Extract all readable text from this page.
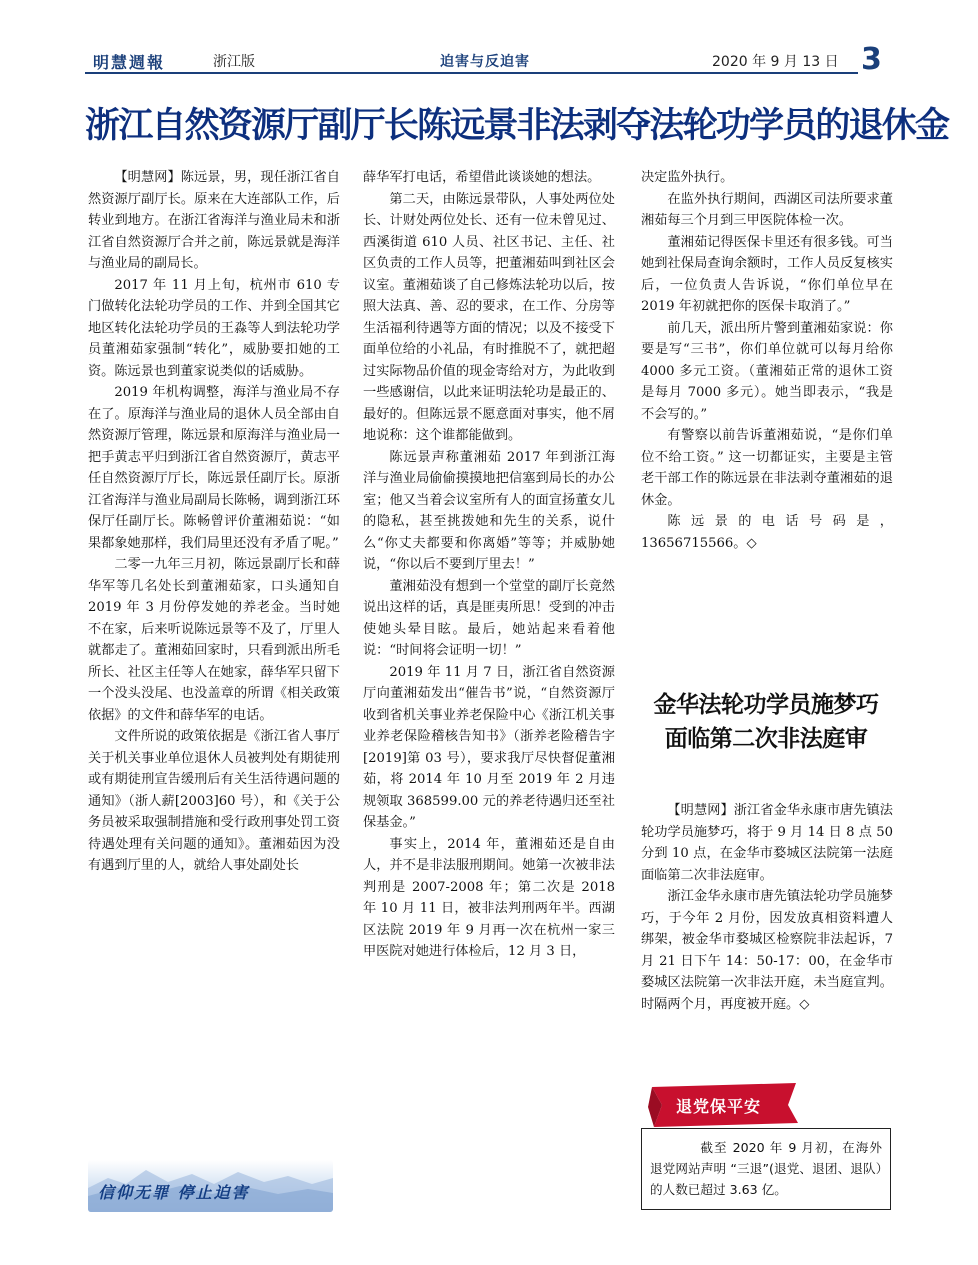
明慧週報	浙江版	迫害与反迫害	2020 年 9 月 13 日 3
浙江自然资源厅副厅长陈远景非法剥夺法轮功学员的退休金

【明慧网】陈远景，男，现任浙江省自然资源厅副厅长。原来在大连部队工作，后转业到地方。在浙江省海洋与渔业局未和浙江省自然资源厅合并之前，陈远景就是海洋与渔业局的副局长。

2017 年 11 月上旬，杭州市 610 专门做转化法轮功学员的工作、并到全国其它地区转化法轮功学员的王淼等人到法轮功学员董湘茹家强制“转化”，威胁要扣她的工资。陈远景也到董家说类似的话威胁。

2019 年机构调整，海洋与渔业局不存在了。原海洋与渔业局的退休人员全部由自然资源厅管理，陈远景和原海洋与渔业局一把手黄志平归到浙江省自然资源厅，黄志平任自然资源厅厅长，陈远景任副厅长。原浙江省海洋与渔业局副局长陈畅，调到浙江环保厅任副厅长。陈畅曾评价董湘茹说：“如果都象她那样，我们局里还没有矛盾了呢。”

二零一九年三月初，陈远景副厅长和薛华军等几名处长到董湘茹家，口头通知自 2019 年 3 月份停发她的养老金。当时她不在家，后来听说陈远景等不及了，厅里人就都走了。董湘茹回家时，只看到派出所毛所长、社区主任等人在她家，薛华军只留下一个没头没尾、也没盖章的所谓《相关政策依据》的文件和薛华军的电话。

文件所说的政策依据是《浙江省人事厅关于机关事业单位退休人员被判处有期徒刑或有期徒刑宣告缓刑后有关生活待遇问题的通知》（浙人薪[2003]60 号），和《关于公务员被采取强制措施和受行政刑事处罚工资待遇处理有关问题的通知》。董湘茹因为没有遇到厅里的人，就给人事处副处长

薛华军打电话，希望借此谈谈她的想法。

第二天，由陈远景带队，人事处两位处长、计财处两位处长、还有一位未曾见过、西溪街道 610 人员、社区书记、主任、社区负责的工作人员等，把董湘茹叫到社区会议室。董湘茹谈了自己修炼法轮功以后，按照大法真、善、忍的要求，在工作、分房等生活福利待遇等方面的情况；以及不接受下面单位给的小礼品，有时推脱不了，就把超过实际物品价值的现金寄给对方，为此收到一些感谢信，以此来证明法轮功是最正的、最好的。但陈远景不愿意面对事实，他不屑地说称：这个谁都能做到。

陈远景声称董湘茹 2017 年到浙江海洋与渔业局偷偷摸摸地把信塞到局长的办公室；他又当着会议室所有人的面宣扬董女儿的隐私，甚至挑拨她和先生的关系，说什么“你丈夫都要和你离婚”等等；并威胁她说，“你以后不要到厅里去！”

董湘茹没有想到一个堂堂的副厅长竟然说出这样的话，真是匪夷所思！受到的冲击使她头晕目眩。最后，她站起来看着他说：“时间将会证明一切！”

2019 年 11 月 7 日，浙江省自然资源厅向董湘茹发出“催告书”说，“自然资源厅收到省机关事业养老保险中心《浙江机关事业养老保险稽核告知书》（浙养老险稽告字[2019]第 03 号），要求我厅尽快督促董湘茹，将 2014 年 10 月至 2019 年 2 月违规领取 368599.00 元的养老待遇归还至社保基金。”

事实上，2014 年，董湘茹还是自由人，并不是非法服刑期间。她第一次被非法判刑是 2007-2008 年；第二次是 2018 年 10 月 11 日，被非法判刑两年半。西湖区法院 2019 年 9 月再一次在杭州一家三甲医院对她进行体检后，12 月 3 日，

决定监外执行。

在监外执行期间，西湖区司法所要求董湘茹每三个月到三甲医院体检一次。

董湘茹记得医保卡里还有很多钱。可当她到社保局查询余额时，工作人员反复核实后，一位负责人告诉说，“你们单位早在 2019 年初就把你的医保卡取消了。”

前几天，派出所片警到董湘茹家说：你要是写“三书”，你们单位就可以每月给你 4000 多元工资。（董湘茹正常的退休工资是每月 7000 多元）。她当即表示，“我是不会写的。”

有警察以前告诉董湘茹说，“是你们单位不给工资。” 这一切都证实，主要是主管老干部工作的陈远景在非法剥夺董湘茹的退休金。

陈远景的电话号码是，13656715566。◇

金华法轮功学员施梦巧
面临第二次非法庭审

【明慧网】浙江省金华永康市唐先镇法轮功学员施梦巧，将于 9 月 14 日 8 点 50 分到 10 点，在金华市婺城区法院第一法庭面临第二次非法庭审。

浙江金华永康市唐先镇法轮功学员施梦巧，于今年 2 月份，因发放真相资料遭人绑架，被金华市婺城区检察院非法起诉，7 月 21 日下午 14：50-17：00，在金华市婺城区法院第一次非法开庭，未当庭宣判。时隔两个月，再度被开庭。◇

退党保平安

截至 2020 年 9 月初，在海外退党网站声明 “三退”(退党、退团、退队）的人数已超过 3.63 亿。

信仰无罪 停止迫害
